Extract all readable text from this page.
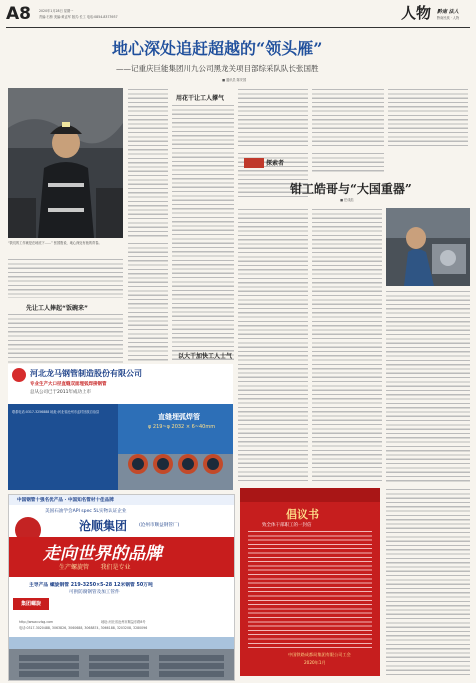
A8	2020年1月28日 星期一
责编:石桥 美编:黄孟军 版式:长工 电话:0854-8373937	人物 黔南 法人
黔南民族 · 人物
地心深处追赶超越的“领头雁”
——记重庆巨能集团川九公司黑龙关项目部综采队队长张国胜
■ 通讯员 陈安国
“我们的工作就是在地底下……” 张国胜说，地心深处有他的青春。
先让工人捧起“饭碗来”
用花干让工人撑气
以大干加快工人士气
河北龙马钢管制造股份有限公司
专业生产大口径直缝双面埋弧焊接钢管
总从公司已于2011年成功上市
联系电话:0317-3256888 地址:河北省沧州市孟村回族自治县
直缝埋弧焊管
φ 219~φ 2032 × 6~40mm
中国钢管十强名优产品 · 中国知名管材十佳品牌
美国石油学会API spec 5L实物认证企业
沧顺集团	(沧州市顺益钢管厂)
走向世界的品牌
生产螺旋管      我们是专业
主导产品 螺旋钢管 219-3250×5-28 12米钢管 50万吨
可供防腐钢管及加工管件
集团螺旋
http://www.czlsg.com	地址:河北省沧州市顺益东路8号
电话:0317-3020488, 3063826, 3060688, 3068874, 3066188, 3203208, 3280096
探索者
钳工皓哥与“大国重器”
■ 任成彪
倡议书
致全体干部职工的一封信
中国铁路成都局集团有限公司工会
2020年1月
